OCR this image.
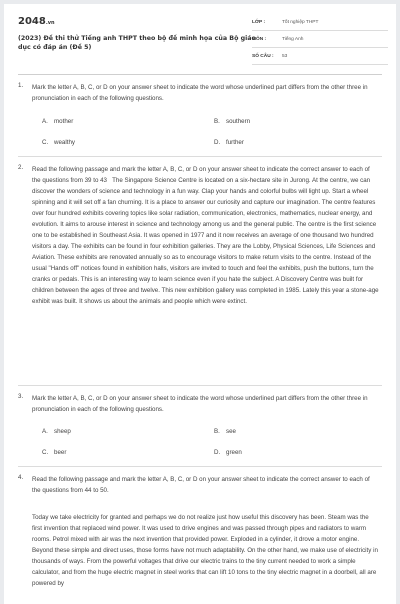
2048.vn
(2023) Đề thi thử Tiếng anh THPT theo bộ đề minh họa của Bộ giáo dục có đáp án (Đề 5)
LỚP :	Tốt nghiệp THPT
MÔN :	Tiếng Anh
SỐ CÂU :	53
1. Mark the letter A, B, C, or D on your answer sheet to indicate the word whose underlined part differs from the other three in pronunciation in each of the following questions.
A. mother	B. southern
C. wealthy	D. further
2. Read the following passage and mark the letter A, B, C, or D on your answer sheet to indicate the correct answer to each of the questions from 39 to 43 The Singapore Science Centre is located on a six-hectare site in Jurong. At the centre, we can discover the wonders of science and technology in a fun way. Clap your hands and colorful bulbs will light up. Start a wheel spinning and it will set off a fan churning. It is a place to answer our curiosity and capture our imagination. The centre features over four hundred exhibits covering topics like solar radiation, communication, electronics, mathematics, nuclear energy, and evolution. It aims to arouse interest in science and technology among us and the general public. The centre is the first science one to be established in Southeast Asia. It was opened in 1977 and it now receives an average of one thousand two hundred visitors a day. The exhibits can be found in four exhibition galleries. They are the Lobby, Physical Sciences, Life Sciences and Aviation. These exhibits are renovated annually so as to encourage visitors to make return visits to the centre. Instead of the usual "Hands off" notices found in exhibition halls, visitors are invited to touch and feel the exhibits, push the buttons, turn the cranks or pedals. This is an interesting way to learn science even if you hate the subject. A Discovery Centre was built for children between the ages of three and twelve. This new exhibition gallery was completed in 1985. Lately this year a stone-age exhibit was built. It shows us about the animals and people which were extinct.
3. Mark the letter A, B, C, or D on your answer sheet to indicate the word whose underlined part differs from the other three in pronunciation in each of the following questions.
A. sheep	B. see
C. beer	D. green
4. Read the following passage and mark the letter A, B, C, or D on your answer sheet to indicate the correct answer to each of the questions from 44 to 50.
Today we take electricity for granted and perhaps we do not realize just how useful this discovery has been. Steam was the first invention that replaced wind power. It was used to drive engines and was passed through pipes and radiators to warm rooms. Petrol mixed with air was the next invention that provided power. Exploded in a cylinder, it drove a motor engine. Beyond these simple and direct uses, those forms have not much adaptability. On the other hand, we make use of electricity in thousands of ways. From the powerful voltages that drive our electric trains to the tiny current needed to work a simple calculator, and from the huge electric magnet in steel works that can lift 10 tons to the tiny electric magnet in a doorbell, all are powered by
